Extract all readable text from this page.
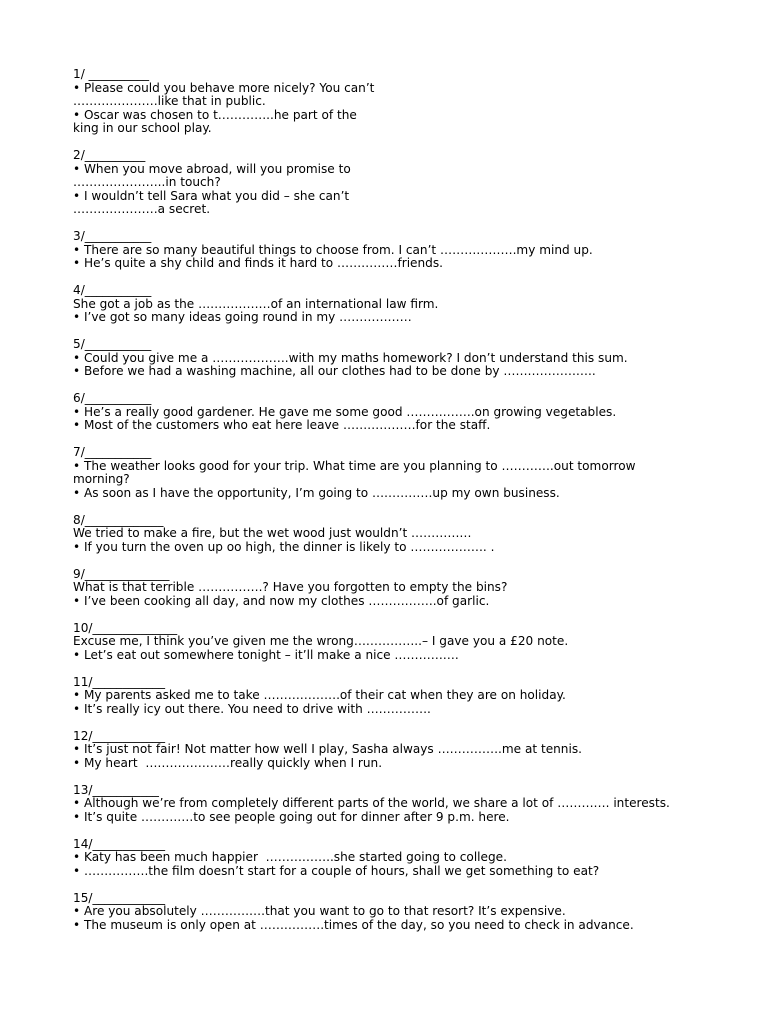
1/ __________
• Please could you behave more nicely? You can’t
…………………like that in public.
• Oscar was chosen to t…………..he part of the
king in our school play.
2/__________
• When you move abroad, will you promise to
…………………..in touch?
• I wouldn’t tell Sara what you did – she can’t
…………………a secret.
3/___________
• There are so many beautiful things to choose from. I can’t ……………….my mind up.
• He’s quite a shy child and finds it hard to ……………friends.
4/___________
She got a job as the ………………of an international law firm.
• I’ve got so many ideas going round in my ………………
5/___________
• Could you give me a ……………….with my maths homework? I don’t understand this sum.
• Before we had a washing machine, all our clothes had to be done by …………………..
6/___________
• He’s a really good gardener. He gave me some good ……………..on growing vegetables.
• Most of the customers who eat here leave ………………for the staff.
7/___________
• The weather looks good for your trip. What time are you planning to ………….out tomorrow morning?
• As soon as I have the opportunity, I’m going to ……………up my own business.
8/_____________
We tried to make a fire, but the wet wood just wouldn’t ……………
• If you turn the oven up oo high, the dinner is likely to ………………. .
9/______________
What is that terrible …………….? Have you forgotten to empty the bins?
• I’ve been cooking all day, and now my clothes ……………..of garlic.
10/______________
Excuse me, I think you’ve given me the wrong……………..– I gave you a £20 note.
• Let’s eat out somewhere tonight – it’ll make a nice …………….
11/____________
• My parents asked me to take ……………….of their cat when they are on holiday.
• It’s really icy out there. You need to drive with …………….
12/____________
• It’s just not fair! Not matter how well I play, Sasha always …………….me at tennis.
• My heart  …………………really quickly when I run.
13/___________
• Although we’re from completely different parts of the world, we share a lot of …………. interests.
• It’s quite ………….to see people going out for dinner after 9 p.m. here.
14/____________
• Katy has been much happier  ……………..she started going to college.
• …………….the film doesn’t start for a couple of hours, shall we get something to eat?
15/____________
• Are you absolutely …………….that you want to go to that resort? It’s expensive.
• The museum is only open at …………….times of the day, so you need to check in advance.
